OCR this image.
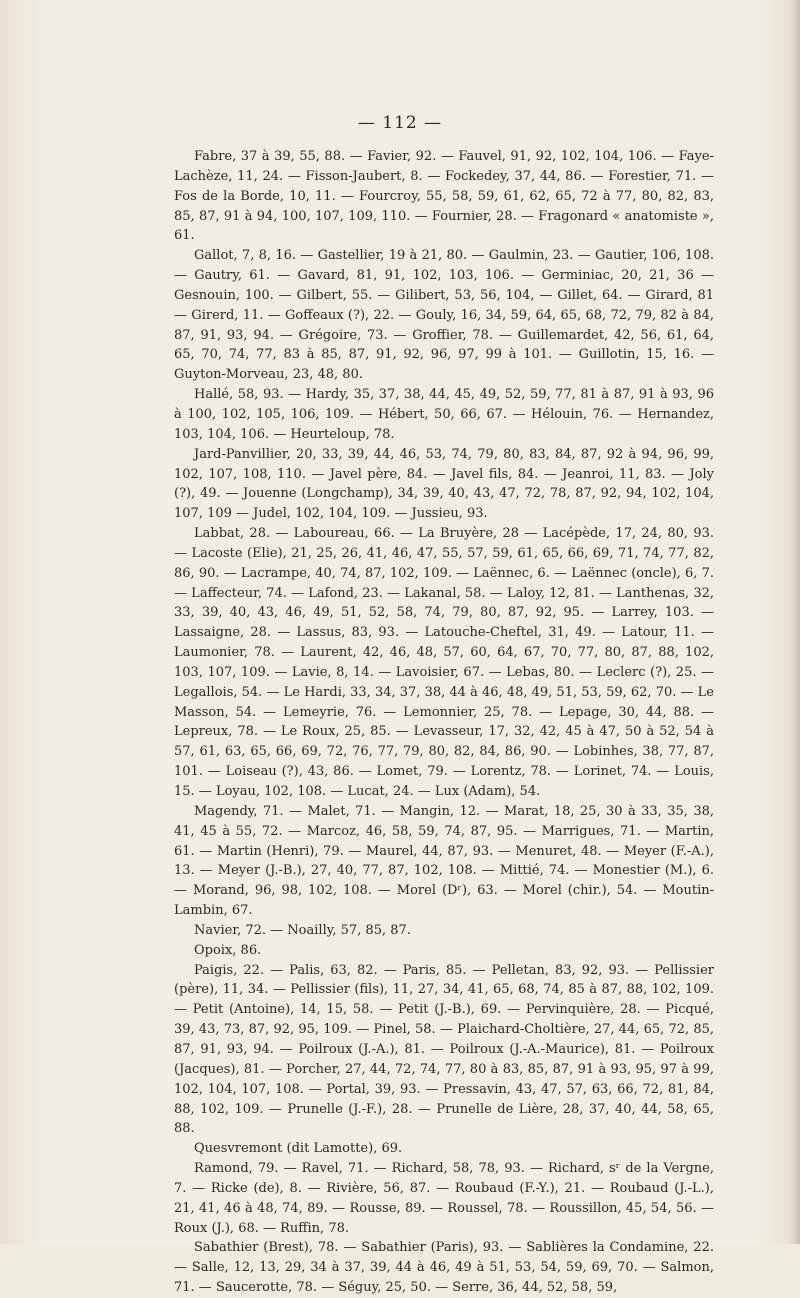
— 112 —

Fabre, 37 à 39, 55, 88. — Favier, 92. — Fauvel, 91, 92, 102, 104, 106. — Faye-Lachèze, 11, 24. — Fisson-Jaubert, 8. — Fockedey, 37, 44, 86. — Forestier, 71. — Fos de la Borde, 10, 11. — Fourcroy, 55, 58, 59, 61, 62, 65, 72 à 77, 80, 82, 83, 85, 87, 91 à 94, 100, 107, 109, 110. — Fournier, 28. — Fragonard « anatomiste », 61.

Gallot, 7, 8, 16. — Gastellier, 19 à 21, 80. — Gaulmin, 23. — Gautier, 106, 108. — Gautry, 61. — Gavard, 81, 91, 102, 103, 106. — Germiniac, 20, 21, 36 — Gesnouin, 100. — Gilbert, 55. — Gilibert, 53, 56, 104, — Gillet, 64. — Girard, 81 — Girerd, 11. — Goffeaux (?), 22. — Gouly, 16, 34, 59, 64, 65, 68, 72, 79, 82 à 84, 87, 91, 93, 94. — Grégoire, 73. — Groffier, 78. — Guillemardet, 42, 56, 61, 64, 65, 70, 74, 77, 83 à 85, 87, 91, 92, 96, 97, 99 à 101. — Guillotin, 15, 16. — Guyton-Morveau, 23, 48, 80.

Hallé, 58, 93. — Hardy, 35, 37, 38, 44, 45, 49, 52, 59, 77, 81 à 87, 91 à 93, 96 à 100, 102, 105, 106, 109. — Hébert, 50, 66, 67. — Hélouin, 76. — Hernandez, 103, 104, 106. — Heurteloup, 78.

Jard-Panvillier, 20, 33, 39, 44, 46, 53, 74, 79, 80, 83, 84, 87, 92 à 94, 96, 99, 102, 107, 108, 110. — Javel père, 84. — Javel fils, 84. — Jeanroi, 11, 83. — Joly (?), 49. — Jouenne (Longchamp), 34, 39, 40, 43, 47, 72, 78, 87, 92, 94, 102, 104, 107, 109 — Judel, 102, 104, 109. — Jussieu, 93.

Labbat, 28. — Laboureau, 66. — La Bruyère, 28 — Lacépède, 17, 24, 80, 93. — Lacoste (Elie), 21, 25, 26, 41, 46, 47, 55, 57, 59, 61, 65, 66, 69, 71, 74, 77, 82, 86, 90. — Lacrampe, 40, 74, 87, 102, 109. — Laënnec, 6. — Laënnec (oncle), 6, 7. — Laffecteur, 74. — Lafond, 23. — Lakanal, 58. — Laloy, 12, 81. — Lanthenas, 32, 33, 39, 40, 43, 46, 49, 51, 52, 58, 74, 79, 80, 87, 92, 95. — Larrey, 103. — Lassaigne, 28. — Lassus, 83, 93. — Latouche-Cheftel, 31, 49. — Latour, 11. — Laumonier, 78. — Laurent, 42, 46, 48, 57, 60, 64, 67, 70, 77, 80, 87, 88, 102, 103, 107, 109. — Lavie, 8, 14. — Lavoisier, 67. — Lebas, 80. — Leclerc (?), 25. — Legallois, 54. — Le Hardi, 33, 34, 37, 38, 44 à 46, 48, 49, 51, 53, 59, 62, 70. — Le Masson, 54. — Lemeyrie, 76. — Lemonnier, 25, 78. — Lepage, 30, 44, 88. — Lepreux, 78. — Le Roux, 25, 85. — Levasseur, 17, 32, 42, 45 à 47, 50 à 52, 54 à 57, 61, 63, 65, 66, 69, 72, 76, 77, 79, 80, 82, 84, 86, 90. — Lobinhes, 38, 77, 87, 101. — Loiseau (?), 43, 86. — Lomet, 79. — Lorentz, 78. — Lorinet, 74. — Louis, 15. — Loyau, 102, 108. — Lucat, 24. — Lux (Adam), 54.

Magendy, 71. — Malet, 71. — Mangin, 12. — Marat, 18, 25, 30 à 33, 35, 38, 41, 45 à 55, 72. — Marcoz, 46, 58, 59, 74, 87, 95. — Marrigues, 71. — Martin, 61. — Martin (Henri), 79. — Maurel, 44, 87, 93. — Menuret, 48. — Meyer (F.-A.), 13. — Meyer (J.-B.), 27, 40, 77, 87, 102, 108. — Mittié, 74. — Monestier (M.), 6. — Morand, 96, 98, 102, 108. — Morel (Dʳ), 63. — Morel (chir.), 54. — Moutin-Lambin, 67.

Navier, 72. — Noailly, 57, 85, 87.

Opoix, 86.

Paigis, 22. — Palis, 63, 82. — Paris, 85. — Pelletan, 83, 92, 93. — Pellissier (père), 11, 34. — Pellissier (fils), 11, 27, 34, 41, 65, 68, 74, 85 à 87, 88, 102, 109. — Petit (Antoine), 14, 15, 58. — Petit (J.-B.), 69. — Pervinquière, 28. — Picqué, 39, 43, 73, 87, 92, 95, 109. — Pinel, 58. — Plaichard-Choltière, 27, 44, 65, 72, 85, 87, 91, 93, 94. — Poilroux (J.-A.), 81. — Poilroux (J.-A.-Maurice), 81. — Poilroux (Jacques), 81. — Porcher, 27, 44, 72, 74, 77, 80 à 83, 85, 87, 91 à 93, 95, 97 à 99, 102, 104, 107, 108. — Portal, 39, 93. — Pressavin, 43, 47, 57, 63, 66, 72, 81, 84, 88, 102, 109. — Prunelle (J.-F.), 28. — Prunelle de Lière, 28, 37, 40, 44, 58, 65, 88.

Quesvremont (dit Lamotte), 69.

Ramond, 79. — Ravel, 71. — Richard, 58, 78, 93. — Richard, sʳ de la Vergne, 7. — Ricke (de), 8. — Rivière, 56, 87. — Roubaud (F.-Y.), 21. — Roubaud (J.-L.), 21, 41, 46 à 48, 74, 89. — Rousse, 89. — Roussel, 78. — Roussillon, 45, 54, 56. — Roux (J.), 68. — Ruffin, 78.

Sabathier (Brest), 78. — Sabathier (Paris), 93. — Sablières la Condamine, 22. — Salle, 12, 13, 29, 34 à 37, 39, 44 à 46, 49 à 51, 53, 54, 59, 69, 70. — Salmon, 71. — Saucerotte, 78. — Séguy, 25, 50. — Serre, 36, 44, 52, 58, 59,
